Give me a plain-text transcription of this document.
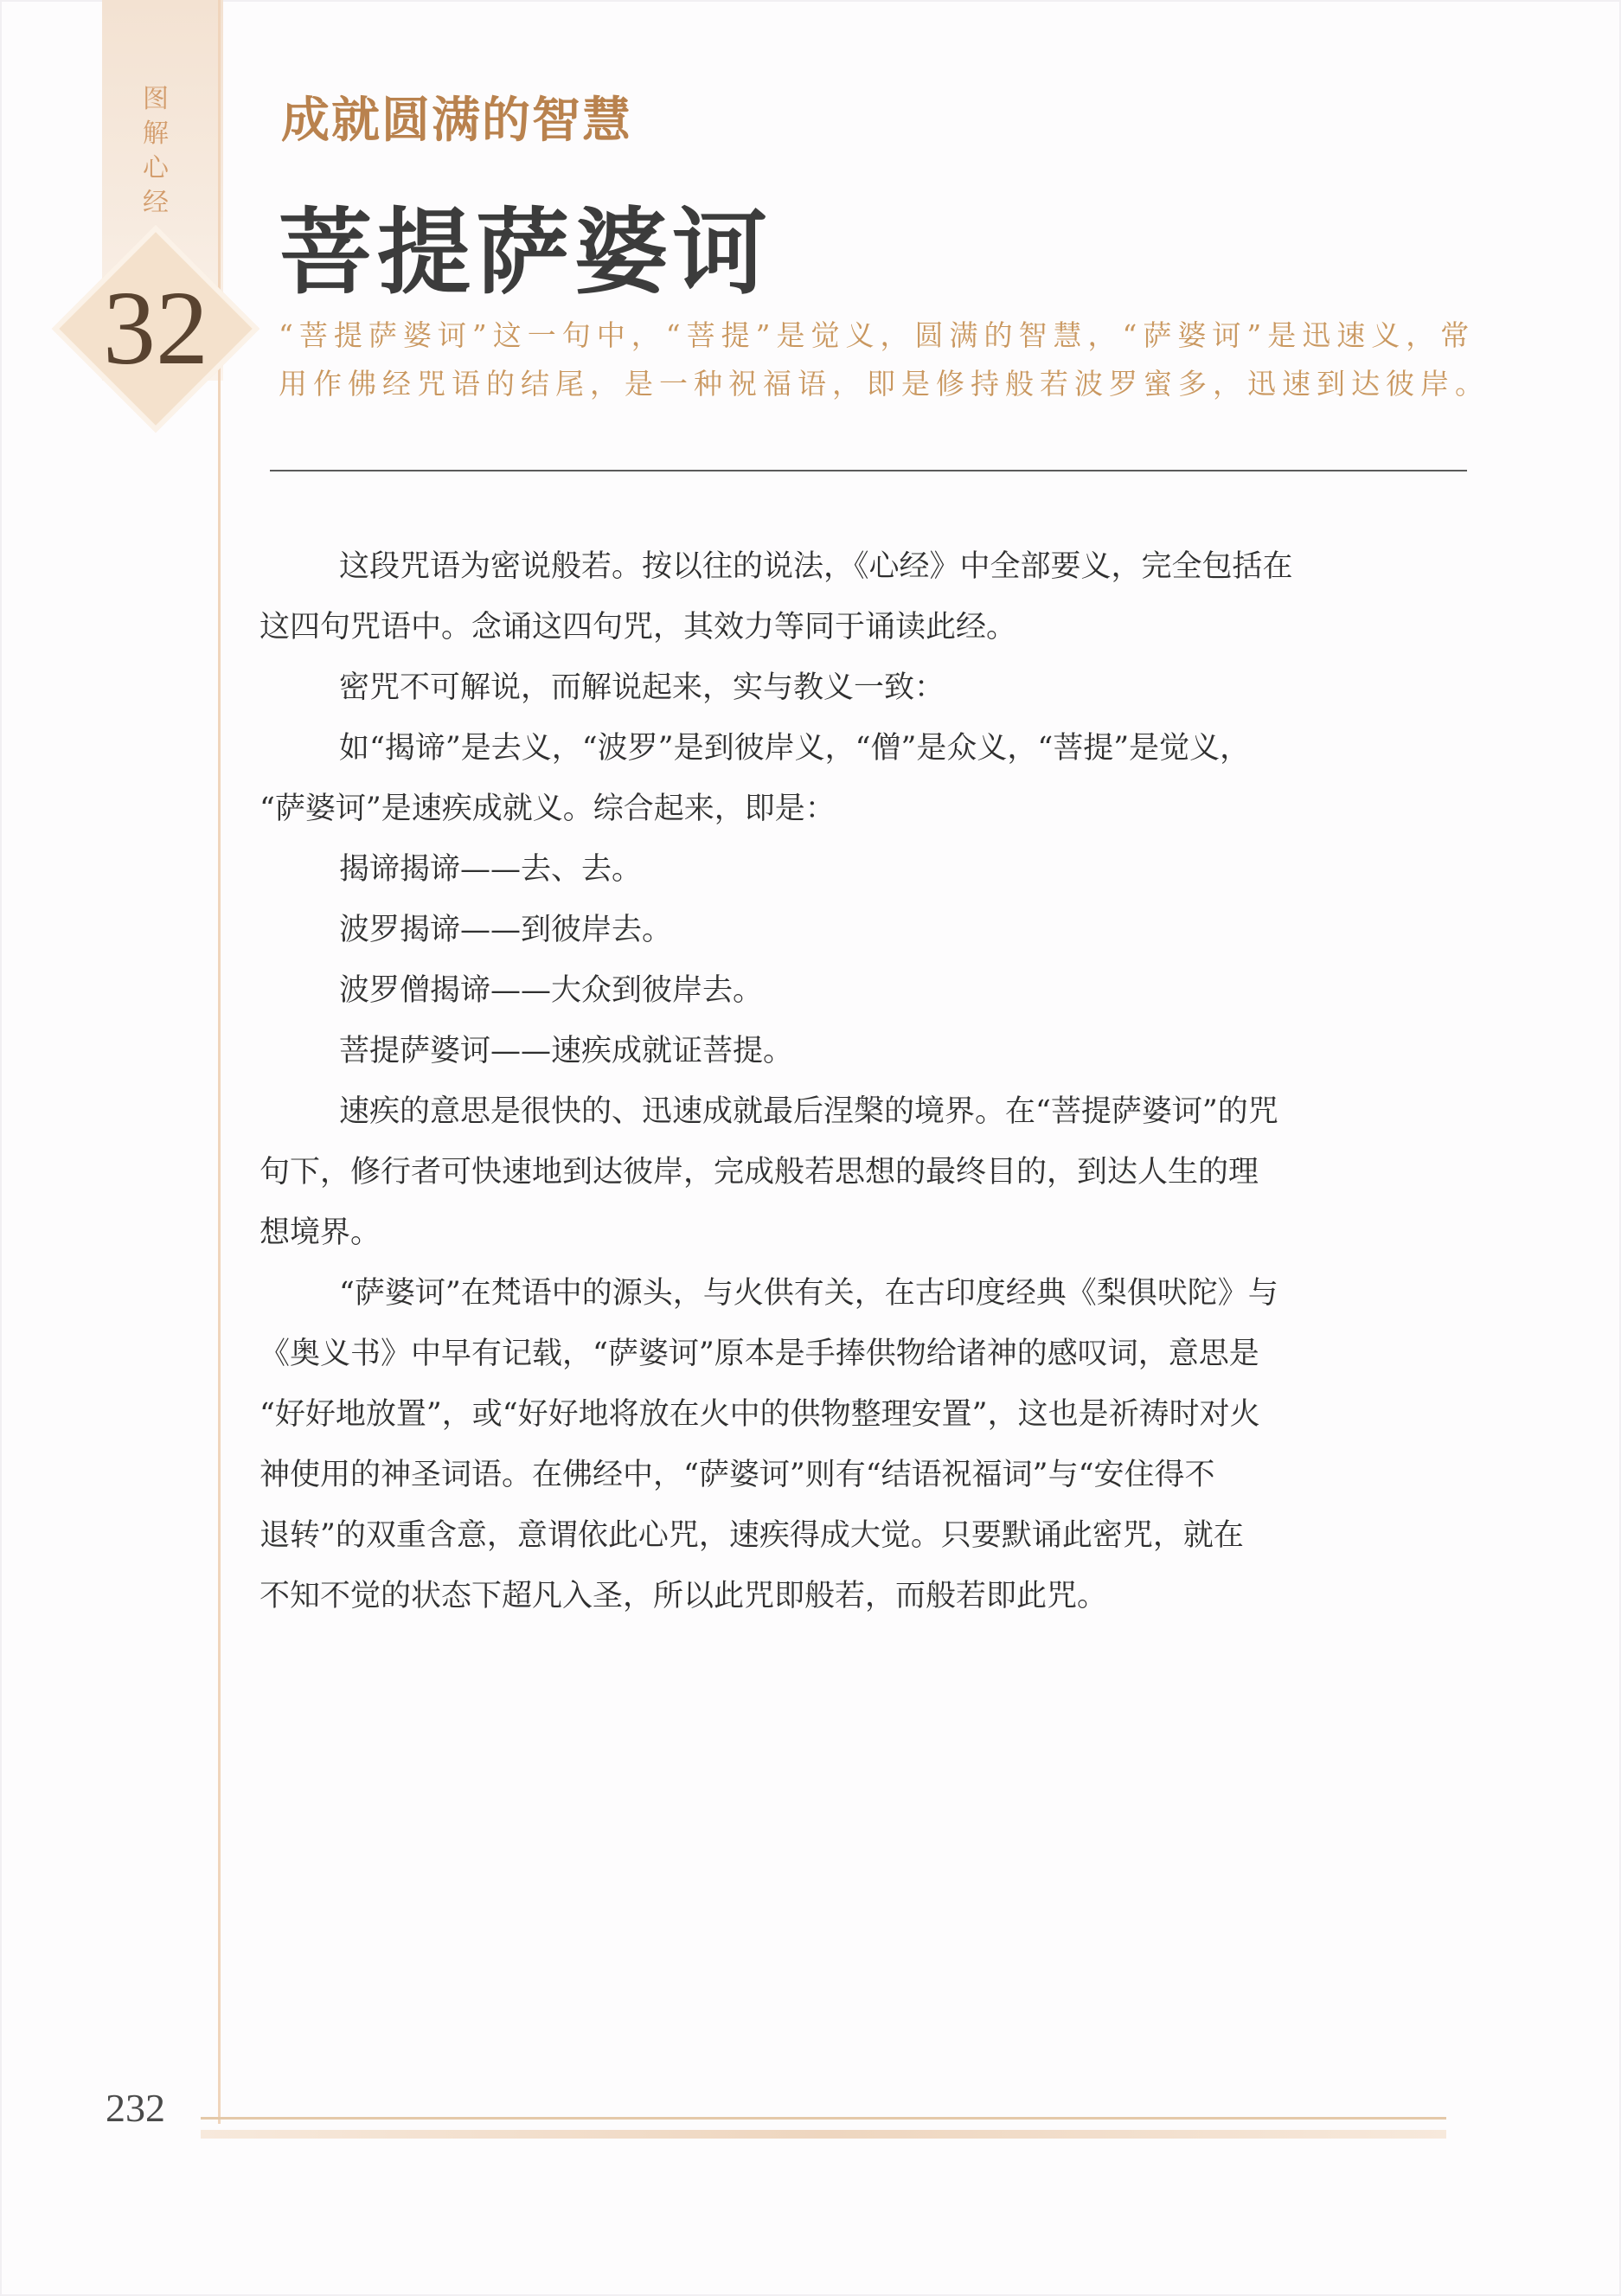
图
解
心
经
32
成就圆满的智慧
菩提萨婆诃

“菩提萨婆诃”这一句中，“菩提”是觉义，圆满的智慧，“萨婆诃”是迅速义，常

用作佛经咒语的结尾，是一种祝福语，即是修持般若波罗蜜多，迅速到达彼岸。

这段咒语为密说般若。按以往的说法，《心经》中全部要义，完全包括在

这四句咒语中。念诵这四句咒，其效力等同于诵读此经。

密咒不可解说，而解说起来，实与教义一致：

如“揭谛”是去义，“波罗”是到彼岸义，“僧”是众义，“菩提”是觉义，

“萨婆诃”是速疾成就义。综合起来，即是：

揭谛揭谛——去、去。

波罗揭谛——到彼岸去。

波罗僧揭谛——大众到彼岸去。

菩提萨婆诃——速疾成就证菩提。

速疾的意思是很快的、迅速成就最后涅槃的境界。在“菩提萨婆诃”的咒

句下，修行者可快速地到达彼岸，完成般若思想的最终目的，到达人生的理

想境界。

“萨婆诃”在梵语中的源头，与火供有关，在古印度经典《梨俱吠陀》与

《奥义书》中早有记载，“萨婆诃”原本是手捧供物给诸神的感叹词，意思是

“好好地放置”，或“好好地将放在火中的供物整理安置”，这也是祈祷时对火

神使用的神圣词语。在佛经中，“萨婆诃”则有“结语祝福词”与“安住得不

退转”的双重含意，意谓依此心咒，速疾得成大觉。只要默诵此密咒，就在

不知不觉的状态下超凡入圣，所以此咒即般若，而般若即此咒。

232
